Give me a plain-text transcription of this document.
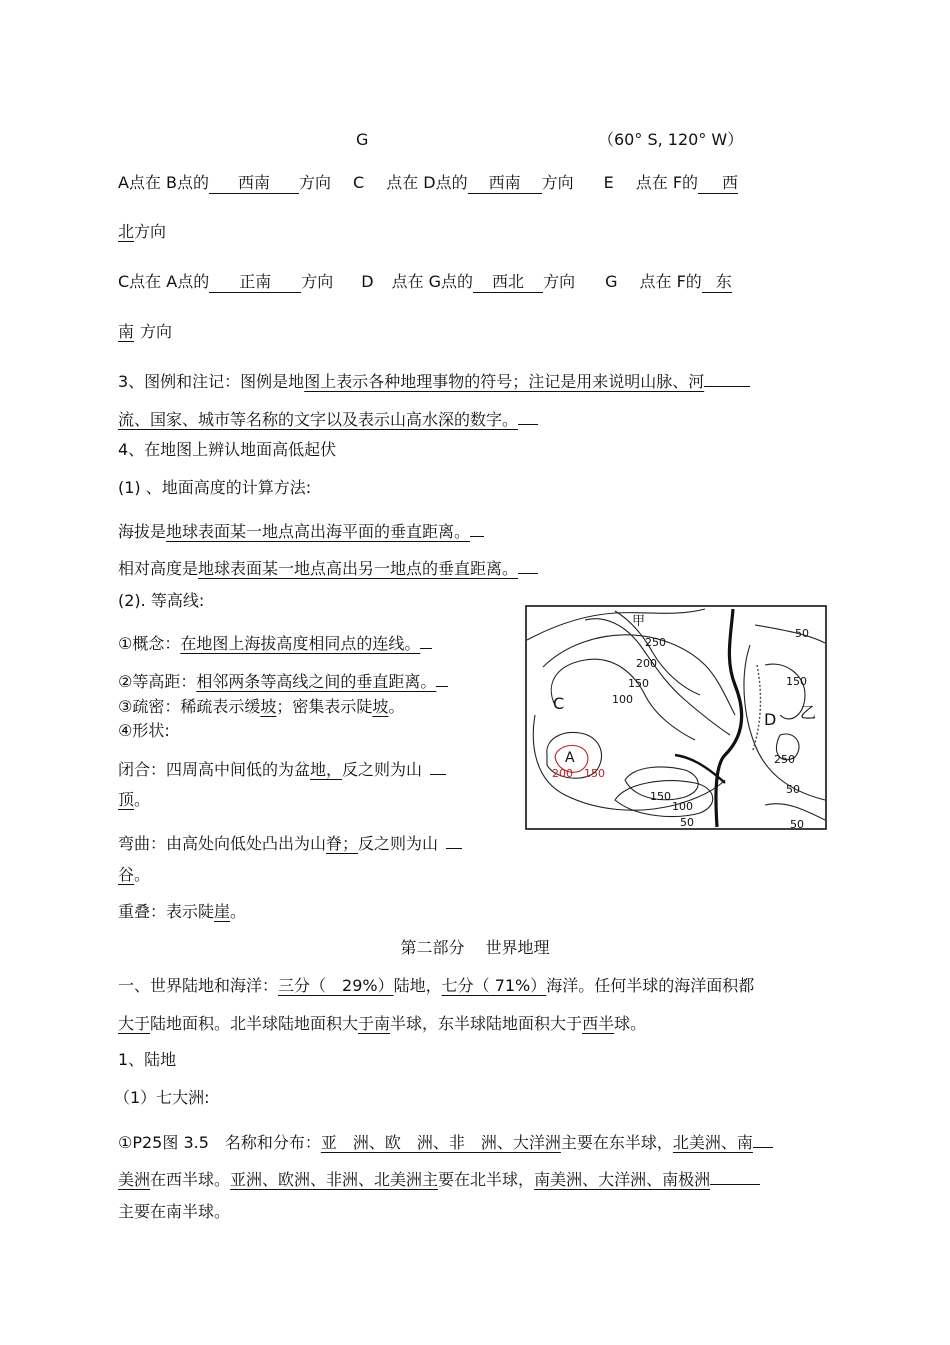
G	（60° S, 120° W）
A点在 B点的 西南 方向 C 点在 D点的 西南 方向 E 点在 F的 西
北方向
C点在 A点的 正南 方向 D 点在 G点的 西北 方向 G 点在 F的 东
南 方向
3、图例和注记：图例是地图上表示各种地理事物的符号；注记是用来说明山脉、河
流、国家、城市等名称的文字以及表示山高水深的数字。
4、在地图上辨认地面高低起伏
(1) 、地面高度的计算方法:
海拔是地球表面某一地点高出海平面的垂直距离。
相对高度是地球表面某一地点高出另一地点的垂直距离。
(2). 等高线:
①概念：在地图上海拔高度相同点的连线。
②等高距：相邻两条等高线之间的垂直距离。
③疏密：稀疏表示缓坡；密集表示陡坡。
④形状:
闭合：四周高中间低的为盆地，反之则为山
顶。
弯曲：由高处向低处凸出为山脊；反之则为山
谷。
重叠：表示陡崖。
甲
乙
C
A
D
250
200
150
100
50
150
250
50
200 150
150
100
50	50
第二部分　 世界地理
一、世界陆地和海洋：三分（　29%）陆地，七分（ 71%）海洋。任何半球的海洋面积都
大于陆地面积。北半球陆地面积大于南半球，东半球陆地面积大于西半球。
1、陆地
（1）七大洲:
①P25图 3.5　名称和分布：亚　洲、欧　洲、非　洲、大洋洲主要在东半球，北美洲、南
美洲在西半球。亚洲、欧洲、非洲、北美洲主要在北半球，南美洲、大洋洲、南极洲
主要在南半球。
